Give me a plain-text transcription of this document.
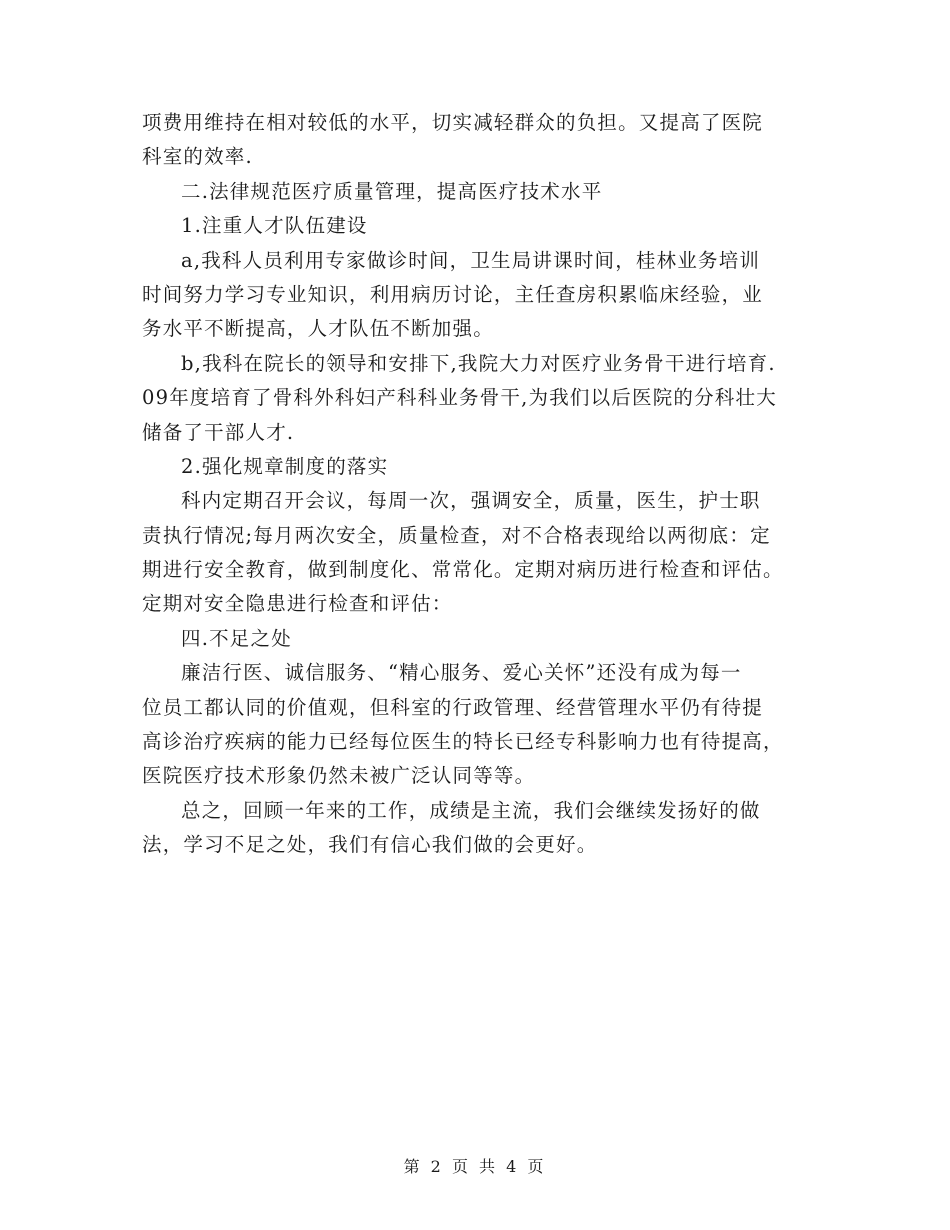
项费用维持在相对较低的水平，切实减轻群众的负担。又提高了医院
科室的效率.
二.法律规范医疗质量管理，提高医疗技术水平
1.注重人才队伍建设
a,我科人员利用专家做诊时间，卫生局讲课时间，桂林业务培训
时间努力学习专业知识，利用病历讨论，主任查房积累临床经验，业
务水平不断提高，人才队伍不断加强。
b,我科在院长的领导和安排下,我院大力对医疗业务骨干进行培育.
09年度培育了骨科外科妇产科科业务骨干,为我们以后医院的分科壮大
储备了干部人才.
2.强化规章制度的落实
科内定期召开会议，每周一次，强调安全，质量，医生，护士职
责执行情况;每月两次安全，质量检查，对不合格表现给以两彻底：定
期进行安全教育，做到制度化、常常化。定期对病历进行检查和评估。
定期对安全隐患进行检查和评估：
四.不足之处
廉洁行医、诚信服务、“精心服务、爱心关怀”还没有成为每一
位员工都认同的价值观，但科室的行政管理、经营管理水平仍有待提
高诊治疗疾病的能力已经每位医生的特长已经专科影响力也有待提高，
医院医疗技术形象仍然未被广泛认同等等。
总之，回顾一年来的工作，成绩是主流，我们会继续发扬好的做
法，学习不足之处，我们有信心我们做的会更好。
第 2 页 共 4 页
